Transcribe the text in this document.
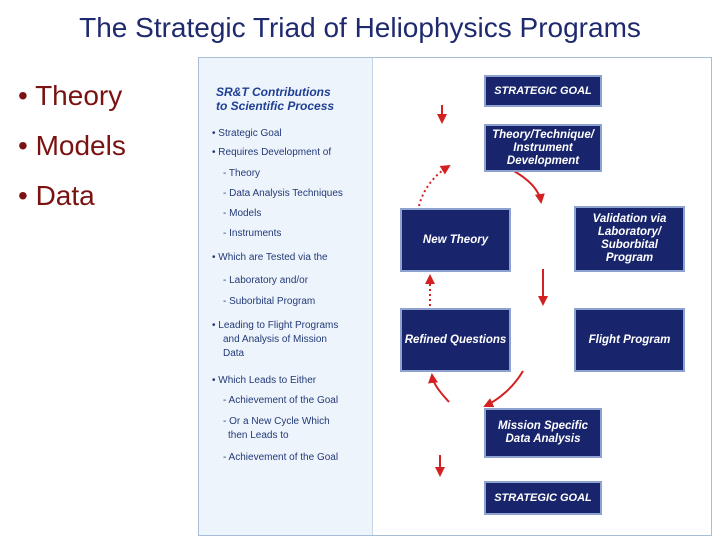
The Strategic Triad of Heliophysics Programs
• Theory
• Models
• Data
SR&T Contributions
to Scientific Process
• Strategic Goal
• Requires Development of
- Theory
- Data Analysis Techniques
- Models
- Instruments
• Which are Tested via the
- Laboratory and/or
- Suborbital Program
• Leading to Flight Programs
and Analysis of Mission
Data
• Which Leads to Either
- Achievement of the Goal
- Or a New Cycle Which
then Leads to
- Achievement of the Goal
STRATEGIC GOAL
Theory/Technique/ Instrument Development
Validation via Laboratory/ Suborbital Program
New Theory
Refined Questions	Flight Program
Mission Specific Data Analysis
STRATEGIC GOAL
